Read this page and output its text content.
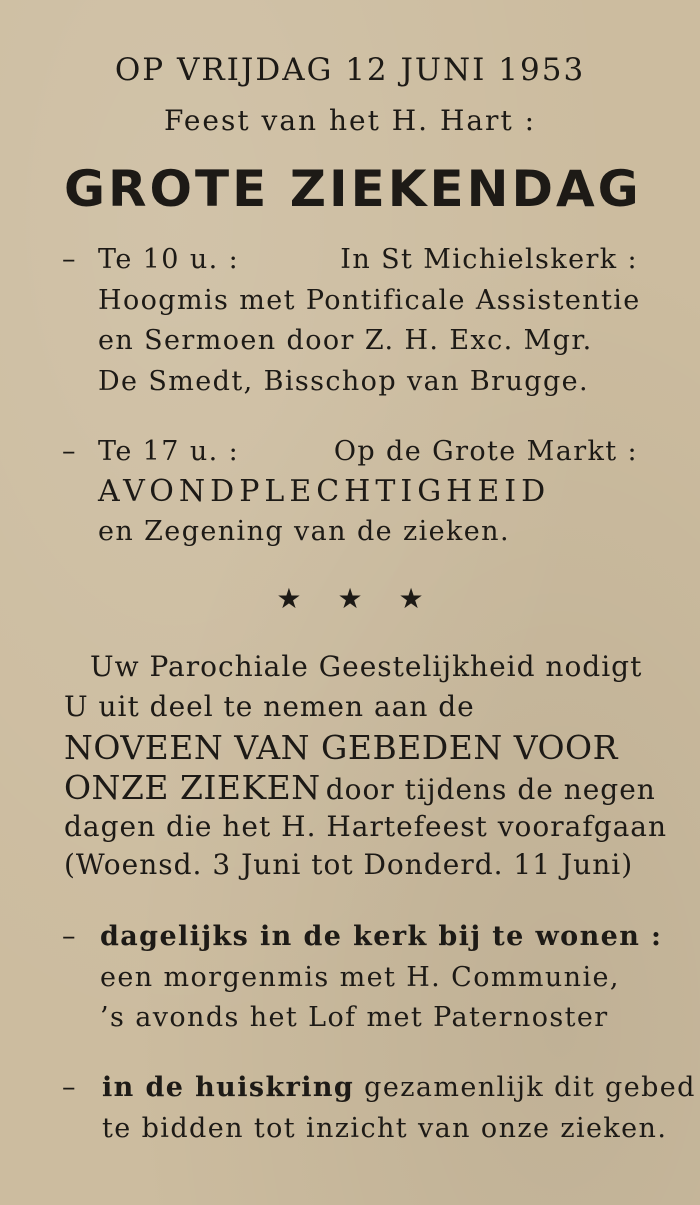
OP VRIJDAG 12 JUNI 1953
Feest van het H. Hart :
GROTE ZIEKENDAG
– Te 10 u. :	In St Michielskerk :
Hoogmis met Pontificale Assistentie
en Sermoen door Z. H. Exc. Mgr.
De Smedt, Bisschop van Brugge.
– Te 17 u. :	Op de Grote Markt :
AVONDPLECHTIGHEID
en Zegening van de zieken.
★ ★ ★
Uw Parochiale Geestelijkheid nodigt
U uit deel te nemen aan de
NOVEEN VAN GEBEDEN VOOR
ONZE ZIEKEN door tijdens de negen
dagen die het H. Hartefeest voorafgaan
(Woensd. 3 Juni tot Donderd. 11 Juni)
– dagelijks in de kerk bij te wonen :
een morgenmis met H. Communie,
’s avonds het Lof met Paternoster
– in de huiskring gezamenlijk dit gebed
te bidden tot inzicht van onze zieken.
